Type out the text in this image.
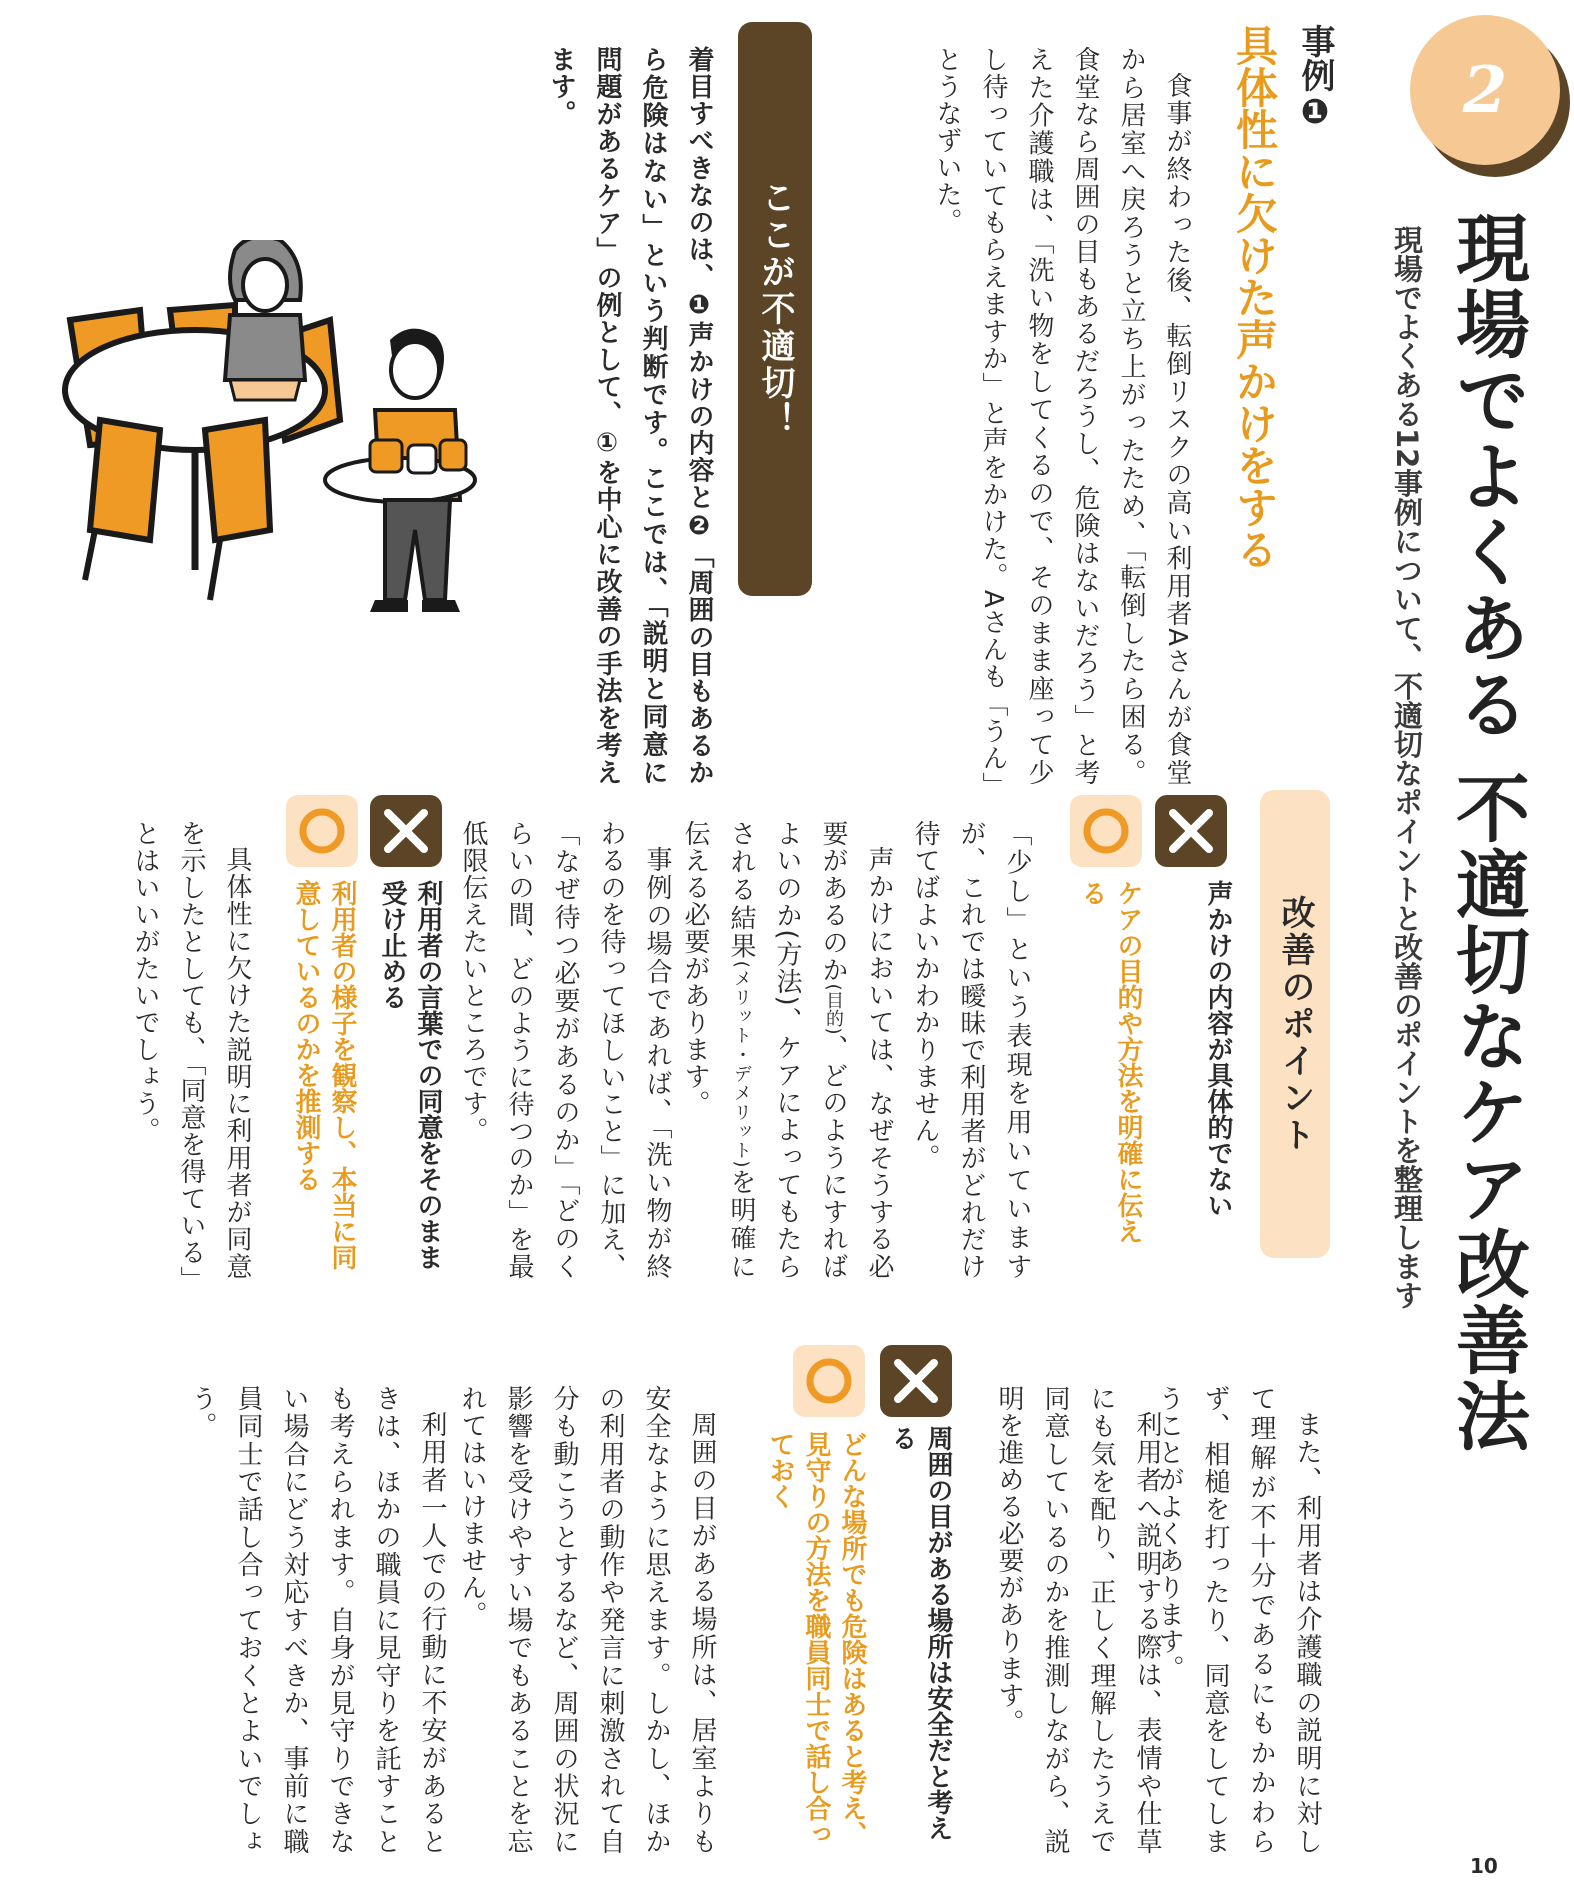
2
現場でよくある 不適切なケア改善法
現場でよくある12事例について、不適切なポイントと改善のポイントを整理します
事例❶
具体性に欠けた声かけをする
食事が終わった後、転倒リスクの高い利用者Aさんが食堂から居室へ戻ろうと立ち上がったため、「転倒したら困る。食堂なら周囲の目もあるだろうし、危険はないだろう」と考えた介護職は、「洗い物をしてくるので、そのまま座って少し待っていてもらえますか」と声をかけた。Aさんも「うん」とうなずいた。
ここが不適切！
着目すべきなのは、❶声かけの内容と❷「周囲の目もあるから危険はない」という判断です。ここでは、「説明と同意に問題があるケア」の例として、①を中心に改善の手法を考えます。
改善のポイント
声かけの内容が具体的でない
ケアの目的や方法を明確に伝える

「少し」という表現を用いていますが、これでは曖昧で利用者がどれだけ待てばよいかわかりません。

声かけにおいては、なぜそうする必要があるのか(目的)、どのようにすればよいのか(方法)、ケアによってもたらされる結果(メリット・デメリット)を明確に伝える必要があります。

事例の場合であれば、「洗い物が終わるのを待ってほしいこと」に加え、「なぜ待つ必要があるのか」「どのくらいの間、どのように待つのか」を最低限伝えたいところです。
利用者の言葉での同意をそのまま受け止める
利用者の様子を観察し、本当に同意しているのかを推測する
具体性に欠けた説明に利用者が同意を示したとしても、「同意を得ている」とはいいがたいでしょう。
また、利用者は介護職の説明に対して理解が不十分であるにもかかわらず、相槌を打ったり、同意をしてしまうことがよくあります。
利用者へ説明する際は、表情や仕草にも気を配り、正しく理解したうえで同意しているのかを推測しながら、説明を進める必要があります。
周囲の目がある場所は安全だと考える
どんな場所でも危険はあると考え、見守りの方法を職員同士で話し合っておく
周囲の目がある場所は、居室よりも安全なように思えます。しかし、ほかの利用者の動作や発言に刺激されて自分も動こうとするなど、周囲の状況に影響を受けやすい場でもあることを忘れてはいけません。
利用者一人での行動に不安があるときは、ほかの職員に見守りを託すことも考えられます。自身が見守りできない場合にどう対応すべきか、事前に職員同士で話し合っておくとよいでしょう。
10
